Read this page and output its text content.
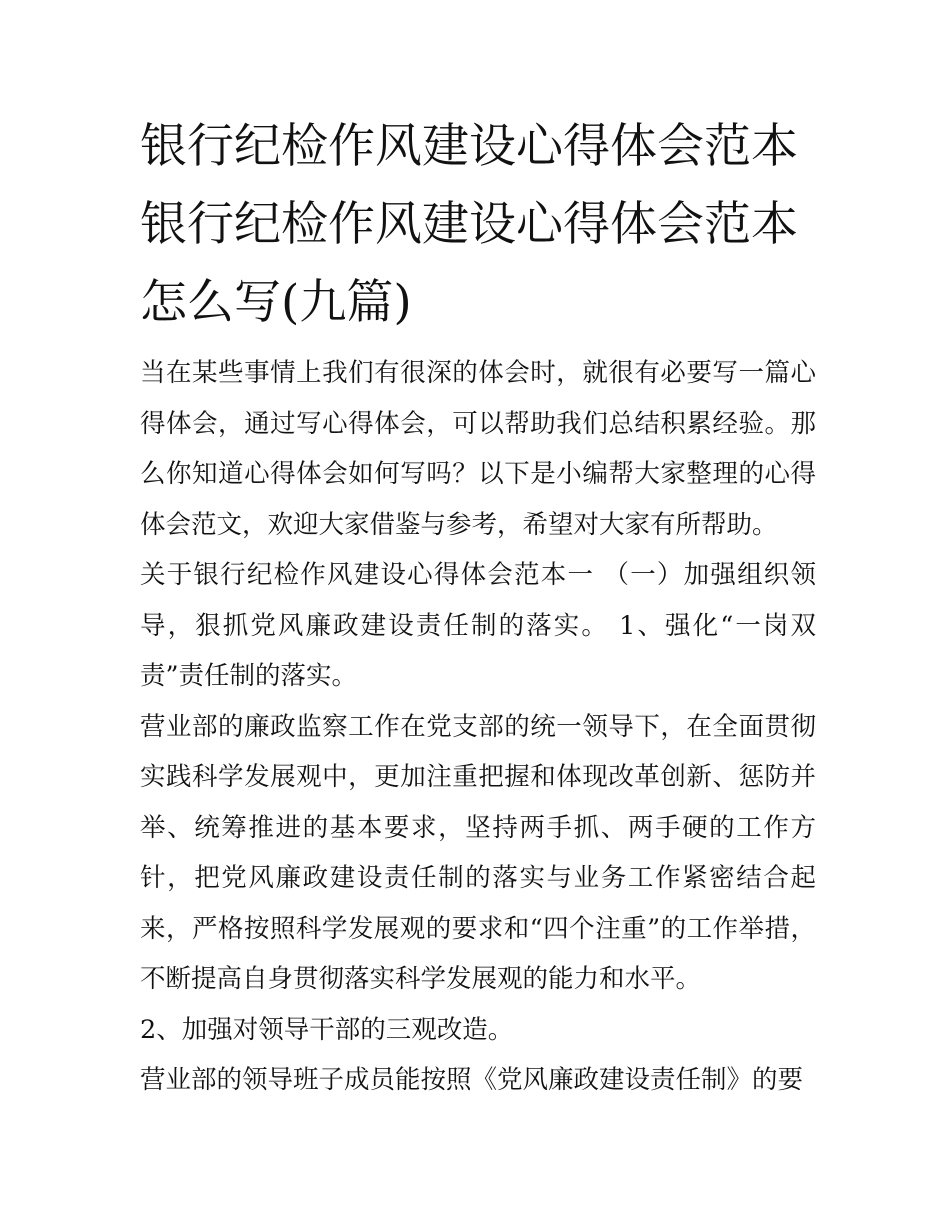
银行纪检作风建设心得体会范本 银行纪检作风建设心得体会范本怎么写(九篇)

当在某些事情上我们有很深的体会时，就很有必要写一篇心得体会，通过写心得体会，可以帮助我们总结积累经验。那么你知道心得体会如何写吗？以下是小编帮大家整理的心得体会范文，欢迎大家借鉴与参考，希望对大家有所帮助。

关于银行纪检作风建设心得体会范本一 （一）加强组织领导，狠抓党风廉政建设责任制的落实。 1、强化“一岗双责”责任制的落实。

营业部的廉政监察工作在党支部的统一领导下，在全面贯彻实践科学发展观中，更加注重把握和体现改革创新、惩防并举、统筹推进的基本要求，坚持两手抓、两手硬的工作方针，把党风廉政建设责任制的落实与业务工作紧密结合起来，严格按照科学发展观的要求和“四个注重”的工作举措，不断提高自身贯彻落实科学发展观的能力和水平。

2、加强对领导干部的三观改造。

营业部的领导班子成员能按照《党风廉政建设责任制》的要
